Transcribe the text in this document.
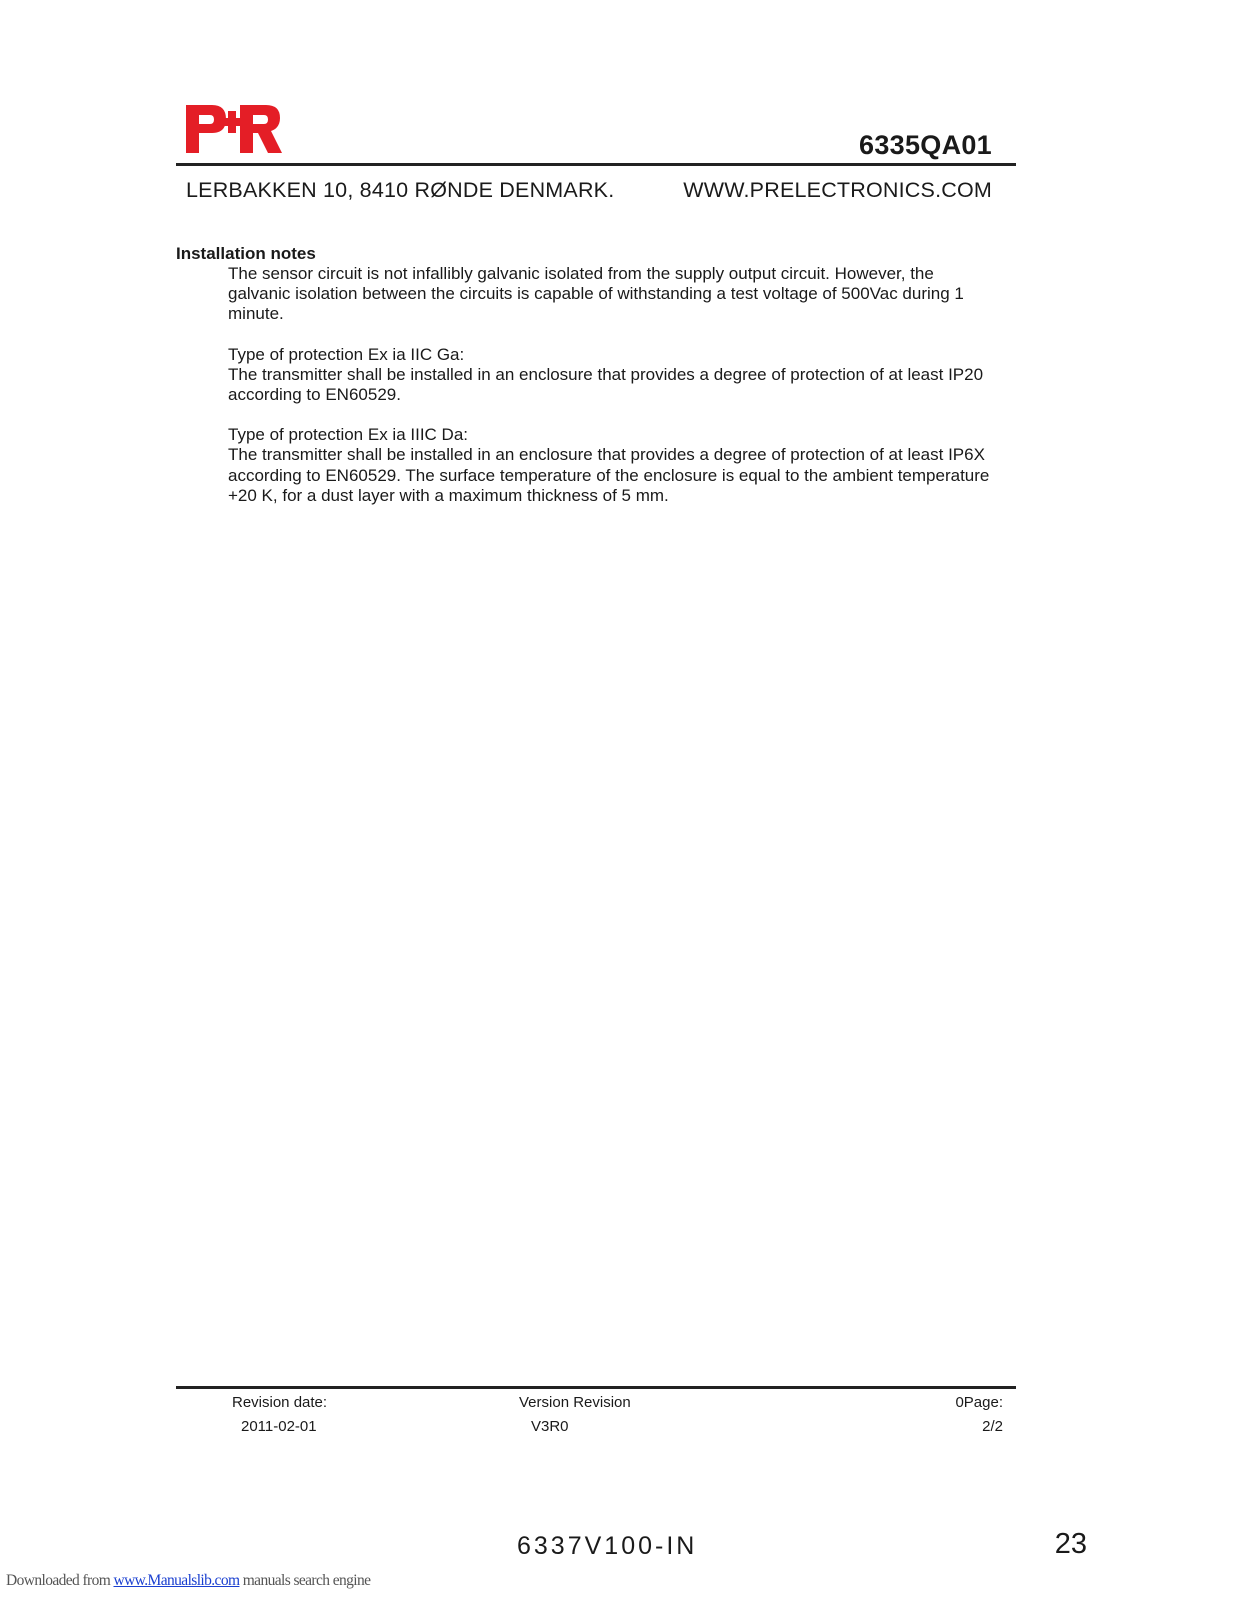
6335QA01
LERBAKKEN 10, 8410 RØNDE DENMARK.	WWW.PRELECTRONICS.COM
Installation notes

The sensor circuit is not infallibly galvanic isolated from the supply output circuit. However, the
galvanic isolation between the circuits is capable of withstanding a test voltage of 500Vac during 1
minute.

Type of protection Ex ia IIC Ga:
The transmitter shall be installed in an enclosure that provides a degree of protection of at least IP20
according to EN60529.

Type of protection Ex ia IIIC Da:
The transmitter shall be installed in an enclosure that provides a degree of protection of at least IP6X
according to EN60529. The surface temperature of the enclosure is equal to the ambient temperature
+20 K, for a dust layer with a maximum thickness of 5 mm.

Revision date:
2011-02-01
Version Revision
V3R0
0Page:
2/2
6337V100-IN	23
Downloaded from www.Manualslib.com manuals search engine
